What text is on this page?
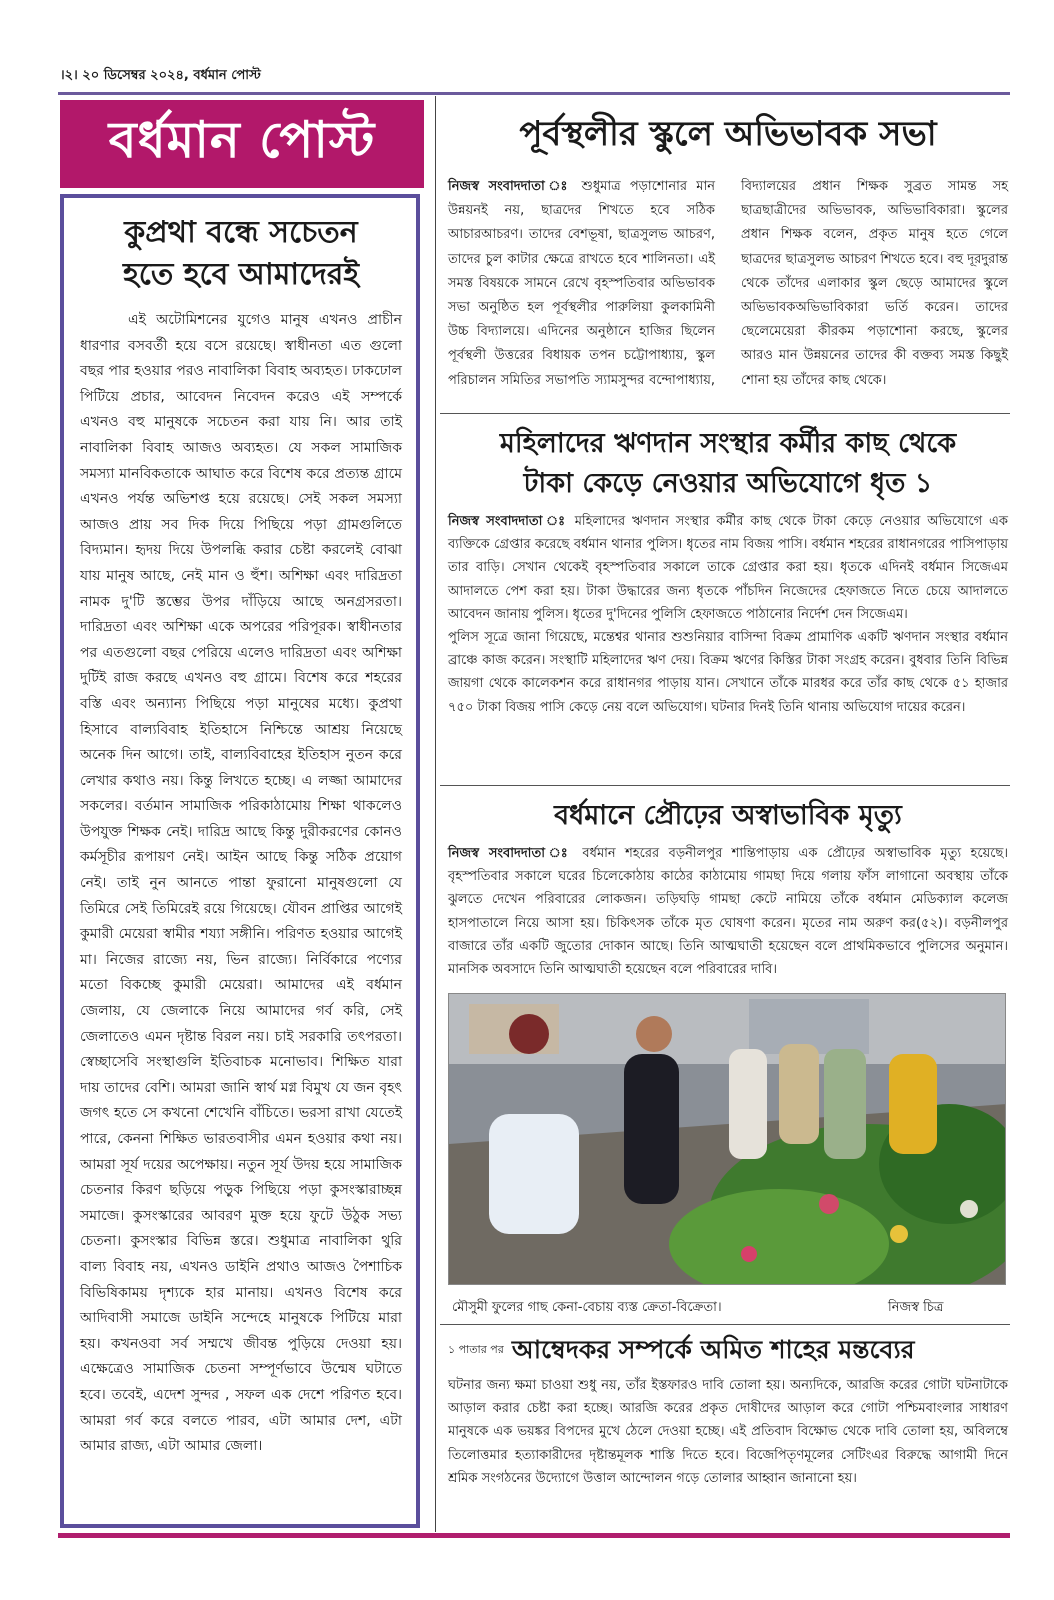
।২। ২০ ডিসেম্বর ২০২৪, বর্ধমান পোস্ট
বর্ধমান পোস্ট
কুপ্রথা বন্ধে সচেতন
হতে হবে আমাদেরই

এই অটোমিশনের যুগেও মানুষ এখনও প্রাচীন ধারণার বসবর্তী হয়ে বসে রয়েছে। স্বাধীনতা এত গুলো বছর পার হওয়ার পরও নাবালিকা বিবাহ অব্যহত। ঢাকঢোল পিটিয়ে প্রচার, আবেদন নিবেদন করেও এই সম্পর্কে এখনও বহু মানুষকে সচেতন করা যায় নি। আর তাই নাবালিকা বিবাহ আজও অব্যহত। যে সকল সামাজিক সমস্যা মানবিকতাকে আঘাত করে বিশেষ করে প্রত্যন্ত গ্রামে এখনও পর্যন্ত অভিশপ্ত হয়ে রয়েছে। সেই সকল সমস্যা আজও প্রায় সব দিক দিয়ে পিছিয়ে পড়া গ্রামগুলিতে বিদ্যমান। হৃদয় দিয়ে উপলব্ধি করার চেষ্টা করলেই বোঝা যায় মানুষ আছে, নেই মান ও হুঁশ। অশিক্ষা এবং দারিদ্রতা নামক দু'টি স্তম্ভের উপর দাঁড়িয়ে আছে অনগ্রসরতা। দারিদ্রতা এবং অশিক্ষা একে অপরের পরিপূরক। স্বাধীনতার পর এতগুলো বছর পেরিয়ে এলেও দারিদ্রতা এবং অশিক্ষা দুটিই রাজ করছে এখনও বহু গ্রামে। বিশেষ করে শহরের বস্তি এবং অন্যান্য পিছিয়ে পড়া মানুষের মধ্যে। কুপ্রথা হিসাবে বাল্যবিবাহ ইতিহাসে নিশ্চিন্তে আশ্রয় নিয়েছে অনেক দিন আগে। তাই, বাল্যবিবাহের ইতিহাস নুতন করে লেখার কথাও নয়। কিন্তু লিখতে হচ্ছে। এ লজ্জা আমাদের সকলের। বর্তমান সামাজিক পরিকাঠামোয় শিক্ষা থাকলেও উপযুক্ত শিক্ষক নেই। দারিদ্র আছে কিন্তু দুরীকরণের কোনও কর্মসূচীর রূপায়ণ নেই। আইন আছে কিন্তু সঠিক প্রয়োগ নেই। তাই নুন আনতে পান্তা ফুরানো মানুষগুলো যে তিমিরে সেই তিমিরেই রয়ে গিয়েছে। যৌবন প্রাপ্তির আগেই কুমারী মেয়েরা স্বামীর শয্যা সঙ্গীনি। পরিণত হওয়ার আগেই মা। নিজের রাজ্যে নয়, ভিন রাজ্যে। নির্বিকারে পণ্যের মতো বিকচ্ছে কুমারী মেয়েরা। আমাদের এই বর্ধমান জেলায়, যে জেলাকে নিয়ে আমাদের গর্ব করি, সেই জেলাতেও এমন দৃষ্টান্ত বিরল নয়। চাই সরকারি তৎপরতা। স্বেচ্ছাসেবি সংস্থাগুলি ইতিবাচক মনোভাব। শিক্ষিত যারা দায় তাদের বেশি। আমরা জানি স্বার্থ মগ্ন বিমুখ যে জন বৃহৎ জগৎ হতে সে কখনো শেখেনি বাঁচিতে। ভরসা রাখা যেতেই পারে, কেননা শিক্ষিত ভারতবাসীর এমন হওয়ার কথা নয়। আমরা সূর্য দয়ের অপেক্ষায়। নতুন সূর্য উদয় হয়ে সামাজিক চেতনার কিরণ ছড়িয়ে পড়ুক পিছিয়ে পড়া কুসংস্কারাচ্ছন্ন সমাজে। কুসংস্কারের আবরণ মুক্ত হয়ে ফুটে উঠুক সভ্য চেতনা। কুসংস্কার বিভিন্ন স্তরে। শুধুমাত্র নাবালিকা থুরি বাল্য বিবাহ নয়, এখনও ডাইনি প্রথাও আজও পৈশাচিক বিভিষিকাময় দৃশ্যকে হার মানায়। এখনও বিশেষ করে আদিবাসী সমাজে ডাইনি সন্দেহে মানুষকে পিটিয়ে মারা হয়। কখনওবা সর্ব সম্মখে জীবন্ত পুড়িয়ে দেওয়া হয়। এক্ষেত্রেও সামাজিক চেতনা সম্পূর্ণভাবে উন্মেষ ঘটাতে হবে। তবেই, এদেশ সুন্দর , সফল এক দেশে পরিণত হবে। আমরা গর্ব করে বলতে পারব, এটা আমার দেশ, এটা আমার রাজ্য, এটা আমার জেলা।

পূর্বস্থলীর স্কুলে অভিভাবক সভা

নিজস্ব সংবাদদাতা ঃ শুধুমাত্র পড়াশোনার মান উন্নয়নই নয়, ছাত্রদের শিখতে হবে সঠিক আচারআচরণ। তাদের বেশভূষা, ছাত্রসুলভ আচরণ, তাদের চুল কাটার ক্ষেত্রে রাখতে হবে শালিনতা। এই সমস্ত বিষয়কে সামনে রেখে বৃহস্পতিবার অভিভাবক সভা অনুষ্ঠিত হল পূর্বস্থলীর পারুলিয়া কুলকামিনী উচ্চ বিদ্যালয়ে। এদিনের অনুষ্ঠানে হাজির ছিলেন পূর্বস্থলী উত্তরের বিধায়ক তপন চট্টোপাধ্যায়, স্কুল পরিচালন সমিতির সভাপতি স্যামসুন্দর বন্দোপাধ্যায়, বিদ্যালয়ের প্রধান শিক্ষক সুব্রত সামন্ত সহ ছাত্রছাত্রীদের অভিভাবক, অভিভাবিকারা। স্কুলের প্রধান শিক্ষক বলেন, প্রকৃত মানুষ হতে গেলে ছাত্রদের ছাত্রসুলভ আচরণ শিখতে হবে। বহু দূরদুরান্ত থেকে তাঁদের এলাকার স্কুল ছেড়ে আমাদের স্কুলে অভিভাবকঅভিভাবিকারা ভর্তি করেন। তাদের ছেলেমেয়েরা কীরকম পড়াশোনা করছে, স্কুলের আরও মান উন্নয়নের তাদের কী বক্তব্য সমস্ত কিছুই শোনা হয় তাঁদের কাছ থেকে।

মহিলাদের ঋণদান সংস্থার কর্মীর কাছ থেকে
টাকা কেড়ে নেওয়ার অভিযোগে ধৃত ১

নিজস্ব সংবাদদাতা ঃ মহিলাদের ঋণদান সংস্থার কর্মীর কাছ থেকে টাকা কেড়ে নেওয়ার অভিযোগে এক ব্যক্তিকে গ্রেপ্তার করেছে বর্ধমান থানার পুলিস। ধৃতের নাম বিজয় পাসি। বর্ধমান শহরের রাধানগরের পাসিপাড়ায় তার বাড়ি। সেখান থেকেই বৃহস্পতিবার সকালে তাকে গ্রেপ্তার করা হয়। ধৃতকে এদিনই বর্ধমান সিজেএম আদালতে পেশ করা হয়। টাকা উদ্ধারের জন্য ধৃতকে পাঁচদিন নিজেদের হেফাজতে নিতে চেয়ে আদালতে আবেদন জানায় পুলিস। ধৃতের দু'দিনের পুলিসি হেফাজতে পাঠানোর নির্দেশ দেন সিজেএম।

পুলিস সূত্রে জানা গিয়েছে, মন্তেশ্বর থানার শুশুনিয়ার বাসিন্দা বিক্রম প্রামাণিক একটি ঋণদান সংস্থার বর্ধমান ব্রাঞ্চে কাজ করেন। সংস্থাটি মহিলাদের ঋণ দেয়। বিক্রম ঋণের কিস্তির টাকা সংগ্রহ করেন। বুধবার তিনি বিভিন্ন জায়গা থেকে কালেকশন করে রাধানগর পাড়ায় যান। সেখানে তাঁকে মারধর করে তাঁর কাছ থেকে ৫১ হাজার ৭৫০ টাকা বিজয় পাসি কেড়ে নেয় বলে অভিযোগ। ঘটনার দিনই তিনি থানায় অভিযোগ দায়ের করেন।

বর্ধমানে প্রৌঢ়ের অস্বাভাবিক মৃত্যু

নিজস্ব সংবাদদাতা ঃ বর্ধমান শহরের বড়নীলপুর শান্তিপাড়ায় এক প্রৌঢ়ের অস্বাভাবিক মৃত্যু হয়েছে। বৃহস্পতিবার সকালে ঘরের চিলেকোঠায় কাঠের কাঠামোয় গামছা দিয়ে গলায় ফাঁস লাগানো অবস্থায় তাঁকে ঝুলতে দেখেন পরিবারের লোকজন। তড়িঘড়ি গামছা কেটে নামিয়ে তাঁকে বর্ধমান মেডিক্যাল কলেজ হাসপাতালে নিয়ে আসা হয়। চিকিৎসক তাঁকে মৃত ঘোষণা করেন। মৃতের নাম অরুণ কর(৫২)। বড়নীলপুর বাজারে তাঁর একটি জুতোর দোকান আছে। তিনি আত্মঘাতী হয়েছেন বলে প্রাথমিকভাবে পুলিসের অনুমান। মানসিক অবসাদে তিনি আত্মঘাতী হয়েছেন বলে পরিবারের দাবি।

মৌসুমী ফুলের গাছ কেনা-বেচায় ব্যস্ত ক্রেতা-বিক্রেতা।	নিজস্ব চিত্র
১ পাতার পর আম্বেদকর সম্পর্কে অমিত শাহের মন্তব্যের

ঘটনার জন্য ক্ষমা চাওয়া শুধু নয়, তাঁর ইস্তফারও দাবি তোলা হয়। অন্যদিকে, আরজি করের গোটা ঘটনাটাকে আড়াল করার চেষ্টা করা হচ্ছে। আরজি করের প্রকৃত দোষীদের আড়াল করে গোটা পশ্চিমবাংলার সাধারণ মানুষকে এক ভয়ঙ্কর বিপদের মুখে ঠেলে দেওয়া হচ্ছে। এই প্রতিবাদ বিক্ষোভ থেকে দাবি তোলা হয়, অবিলম্বে তিলোত্তমার হত্যাকারীদের দৃষ্টান্তমূলক শাস্তি দিতে হবে। বিজেপিতৃণমূলের সেটিংএর বিরুদ্ধে আগামী দিনে শ্রমিক সংগঠনের উদ্যোগে উত্তাল আন্দোলন গড়ে তোলার আহ্বান জানানো হয়।
